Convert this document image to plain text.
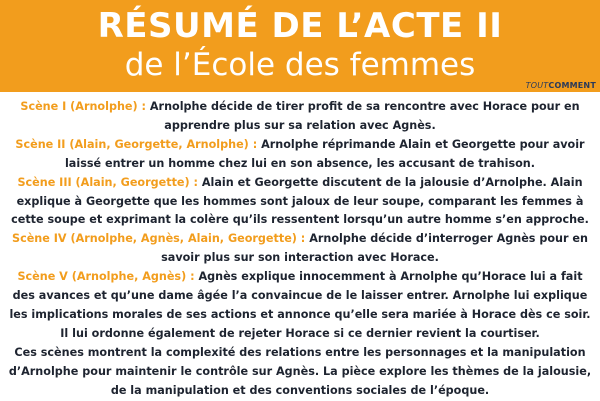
RÉSUMÉ DE L’ACTE II
de l’École des femmes
TOUTCOMMENT

Scène I (Arnolphe) : Arnolphe décide de tirer profit de sa rencontre avec Horace pour en apprendre plus sur sa relation avec Agnès.

Scène II (Alain, Georgette, Arnolphe) : Arnolphe réprimande Alain et Georgette pour avoir laissé entrer un homme chez lui en son absence, les accusant de trahison.

Scène III (Alain, Georgette) : Alain et Georgette discutent de la jalousie d’Arnolphe. Alain explique à Georgette que les hommes sont jaloux de leur soupe, comparant les femmes à cette soupe et exprimant la colère qu’ils ressentent lorsqu’un autre homme s’en approche.

Scène IV (Arnolphe, Agnès, Alain, Georgette) : Arnolphe décide d’interroger Agnès pour en savoir plus sur son interaction avec Horace.

Scène V (Arnolphe, Agnès) : Agnès explique innocemment à Arnolphe qu’Horace lui a fait des avances et qu’une dame âgée l’a convaincue de le laisser entrer. Arnolphe lui explique les implications morales de ses actions et annonce qu’elle sera mariée à Horace dès ce soir. Il lui ordonne également de rejeter Horace si ce dernier revient la courtiser.

Ces scènes montrent la complexité des relations entre les personnages et la manipulation d’Arnolphe pour maintenir le contrôle sur Agnès. La pièce explore les thèmes de la jalousie, de la manipulation et des conventions sociales de l’époque.
